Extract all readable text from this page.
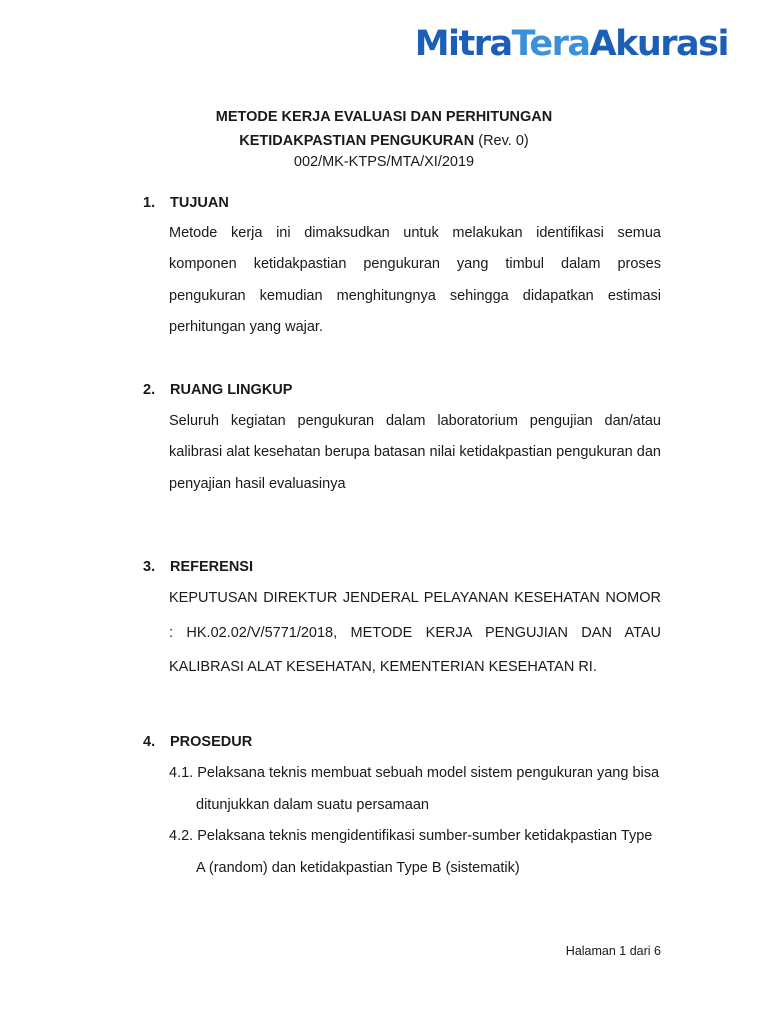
MitraTeraAkurasi
METODE KERJA EVALUASI DAN PERHITUNGAN
KETIDAKPASTIAN PENGUKURAN (Rev. 0)
002/MK-KTPS/MTA/XI/2019
1. TUJUAN
Metode kerja ini dimaksudkan untuk melakukan identifikasi semua komponen ketidakpastian pengukuran yang timbul dalam proses pengukuran kemudian menghitungnya sehingga didapatkan estimasi perhitungan yang wajar.
2. RUANG LINGKUP
Seluruh kegiatan pengukuran dalam laboratorium pengujian dan/atau kalibrasi alat kesehatan berupa batasan nilai ketidakpastian pengukuran dan penyajian hasil evaluasinya
3. REFERENSI
KEPUTUSAN DIREKTUR JENDERAL PELAYANAN KESEHATAN NOMOR : HK.02.02/V/5771/2018, METODE KERJA PENGUJIAN DAN ATAU KALIBRASI ALAT KESEHATAN, KEMENTERIAN KESEHATAN RI.
4. PROSEDUR
4.1. Pelaksana teknis membuat sebuah model sistem pengukuran yang bisa
ditunjukkan dalam suatu persamaan
4.2. Pelaksana teknis mengidentifikasi sumber-sumber ketidakpastian Type
A (random) dan ketidakpastian Type B (sistematik)
Halaman 1 dari 6
